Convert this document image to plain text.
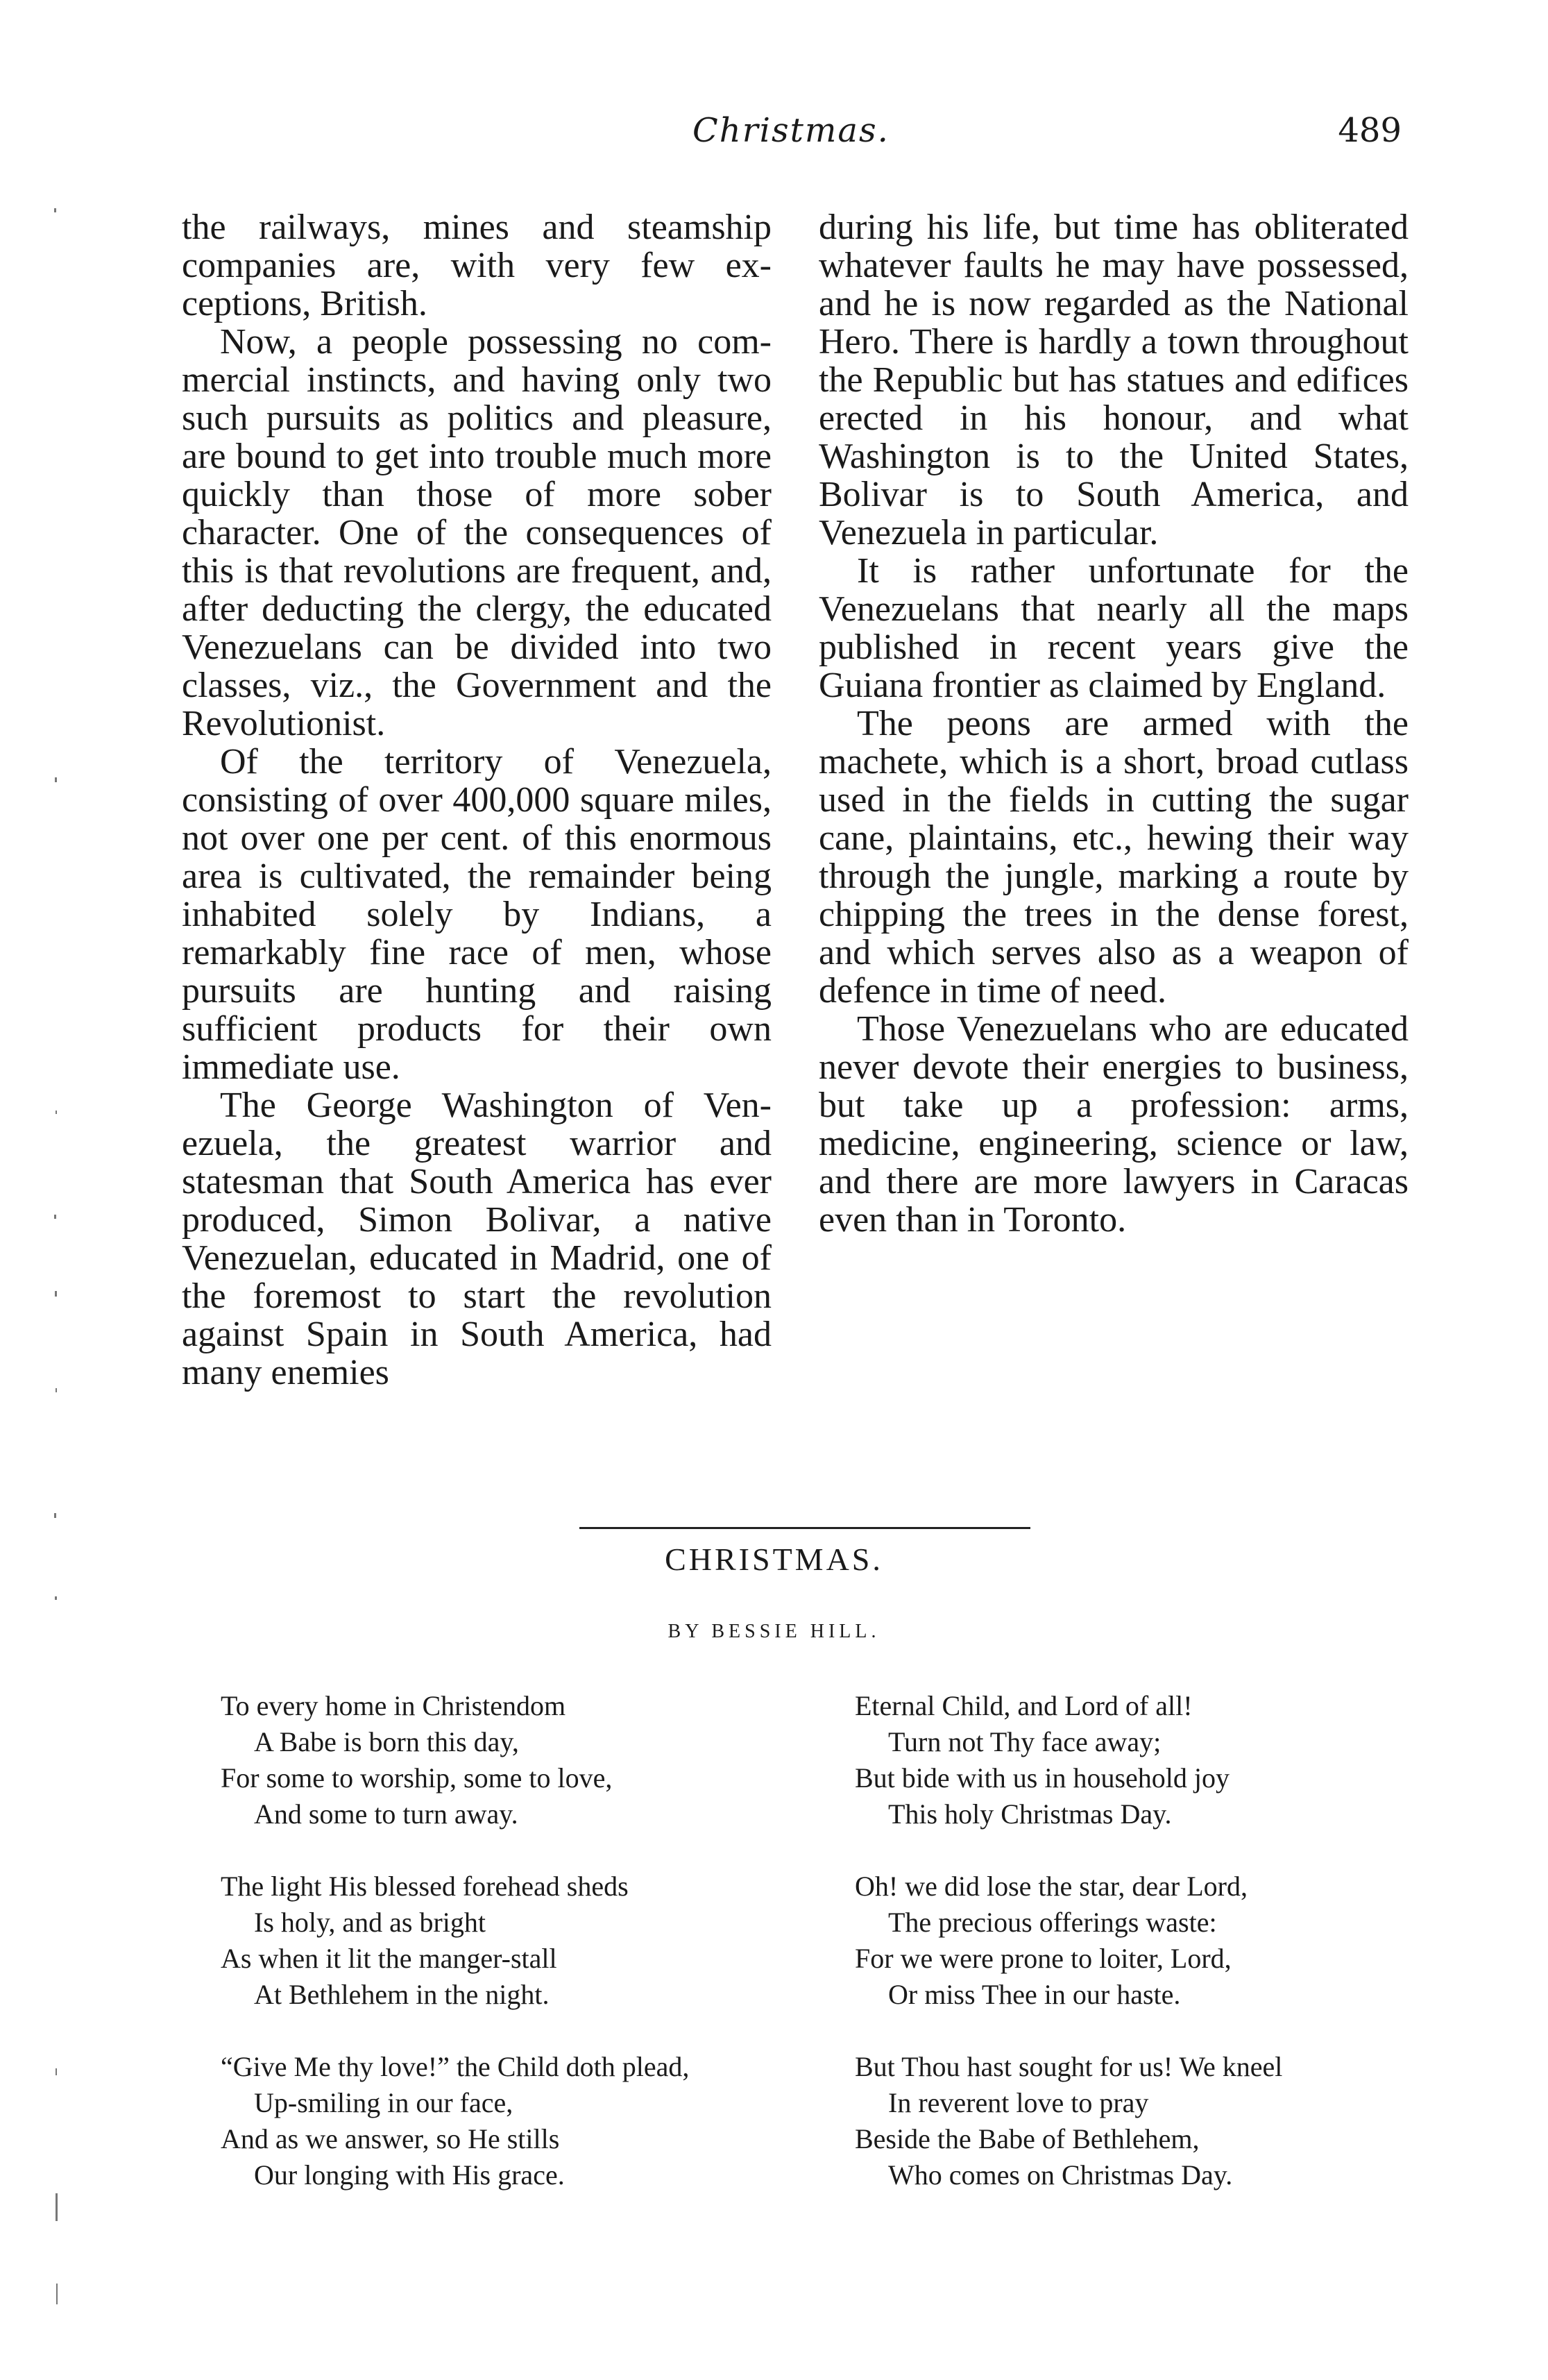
Christmas.	489

the railways, mines and steamship companies are, with very few exceptions, British.

Now, a people possessing no commercial instincts, and having only two such pursuits as politics and pleasure, are bound to get into trouble much more quickly than those of more sober character. One of the consequences of this is that revolutions are frequent, and, after deducting the clergy, the educated Venezuelans can be divided into two classes, viz., the Government and the Revolutionist.

Of the territory of Venezuela, consisting of over 400,000 square miles, not over one per cent. of this enormous area is cultivated, the remainder being inhabited solely by Indians, a remarkably fine race of men, whose pursuits are hunting and raising sufficient products for their own immediate use.

The George Washington of Venezuela, the greatest warrior and statesman that South America has ever produced, Simon Bolivar, a native Venezuelan, educated in Madrid, one of the foremost to start the revolution against Spain in South America, had many enemies

during his life, but time has obliterated whatever faults he may have possessed, and he is now regarded as the National Hero. There is hardly a town throughout the Republic but has statues and edifices erected in his honour, and what Washington is to the United States, Bolivar is to South America, and Venezuela in particular.

It is rather unfortunate for the Venezuelans that nearly all the maps published in recent years give the Guiana frontier as claimed by England.

The peons are armed with the machete, which is a short, broad cutlass used in the fields in cutting the sugar cane, plaintains, etc., hewing their way through the jungle, marking a route by chipping the trees in the dense forest, and which serves also as a weapon of defence in time of need.

Those Venezuelans who are educated never devote their energies to business, but take up a profession: arms, medicine, engineering, science or law, and there are more lawyers in Caracas even than in Toronto.

CHRISTMAS.
BY BESSIE HILL.
To every home in Christendom
A Babe is born this day,
For some to worship, some to love,
And some to turn away.
The light His blessed forehead sheds
Is holy, and as bright
As when it lit the manger-stall
At Bethlehem in the night.
“Give Me thy love!” the Child doth plead,
Up-smiling in our face,
And as we answer, so He stills
Our longing with His grace.
Eternal Child, and Lord of all!
Turn not Thy face away;
But bide with us in household joy
This holy Christmas Day.
Oh! we did lose the star, dear Lord,
The precious offerings waste:
For we were prone to loiter, Lord,
Or miss Thee in our haste.
But Thou hast sought for us! We kneel
In reverent love to pray
Beside the Babe of Bethlehem,
Who comes on Christmas Day.
